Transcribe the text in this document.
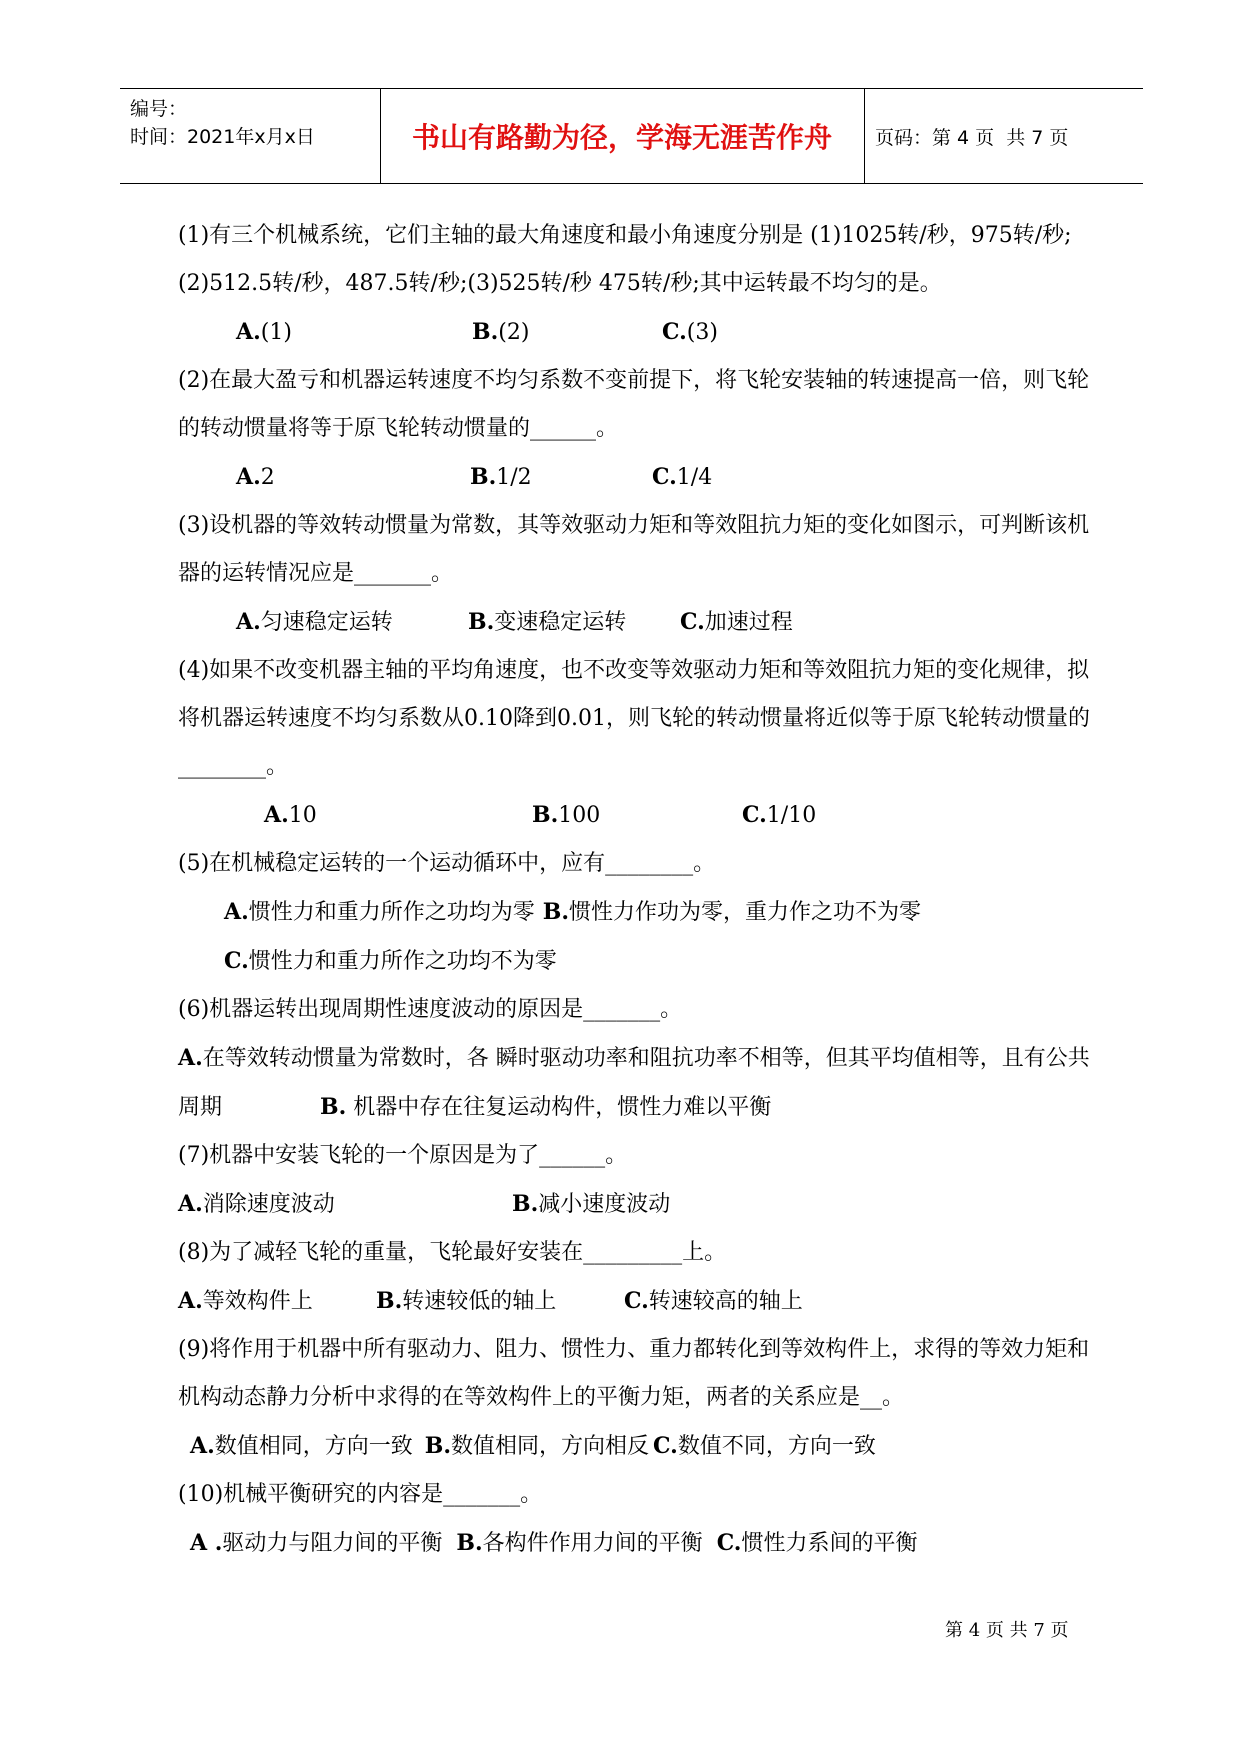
编号：
时间：2021年x月x日	书山有路勤为径，学海无涯苦作舟	页码：第 4 页  共 7 页

(1)有三个机械系统，它们主轴的最大角速度和最小角速度分别是 (1)1025转/秒，975转/秒;(2)512.5转/秒，487.5转/秒;(3)525转/秒 475转/秒;其中运转最不均匀的是。

A.(1)	B.(2)	C.(3)

(2)在最大盈亏和机器运转速度不均匀系数不变前提下，将飞轮安装轴的转速提高一倍，则飞轮的转动惯量将等于原飞轮转动惯量的______。

A.2	B.1/2	C.1/4

(3)设机器的等效转动惯量为常数，其等效驱动力矩和等效阻抗力矩的变化如图示，可判断该机器的运转情况应是_______。

A.匀速稳定运转	B.变速稳定运转	C.加速过程

(4)如果不改变机器主轴的平均角速度，也不改变等效驱动力矩和等效阻抗力矩的变化规律，拟将机器运转速度不均匀系数从0.10降到0.01，则飞轮的转动惯量将近似等于原飞轮转动惯量的________。

A.10	B.100	C.1/10

(5)在机械稳定运转的一个运动循环中，应有________。

A.惯性力和重力所作之功均为零 B.惯性力作功为零，重力作之功不为零
C.惯性力和重力所作之功均不为零

(6)机器运转出现周期性速度波动的原因是_______。

A.在等效转动惯量为常数时，各 瞬时驱动功率和阻抗功率不相等，但其平均值相等，且有公共周期	B. 机器中存在往复运动构件，惯性力难以平衡

(7)机器中安装飞轮的一个原因是为了______。

A.消除速度波动	B.减小速度波动

(8)为了减轻飞轮的重量，飞轮最好安装在_________上。

A.等效构件上	B.转速较低的轴上	C.转速较高的轴上

(9)将作用于机器中所有驱动力、阻力、惯性力、重力都转化到等效构件上，求得的等效力矩和机构动态静力分析中求得的在等效构件上的平衡力矩，两者的关系应是__。

A.数值相同，方向一致 B.数值相同，方向相反 C.数值不同，方向一致

(10)机械平衡研究的内容是_______。

A .驱动力与阻力间的平衡 B.各构件作用力间的平衡 C.惯性力系间的平衡
第 4 页 共 7 页
